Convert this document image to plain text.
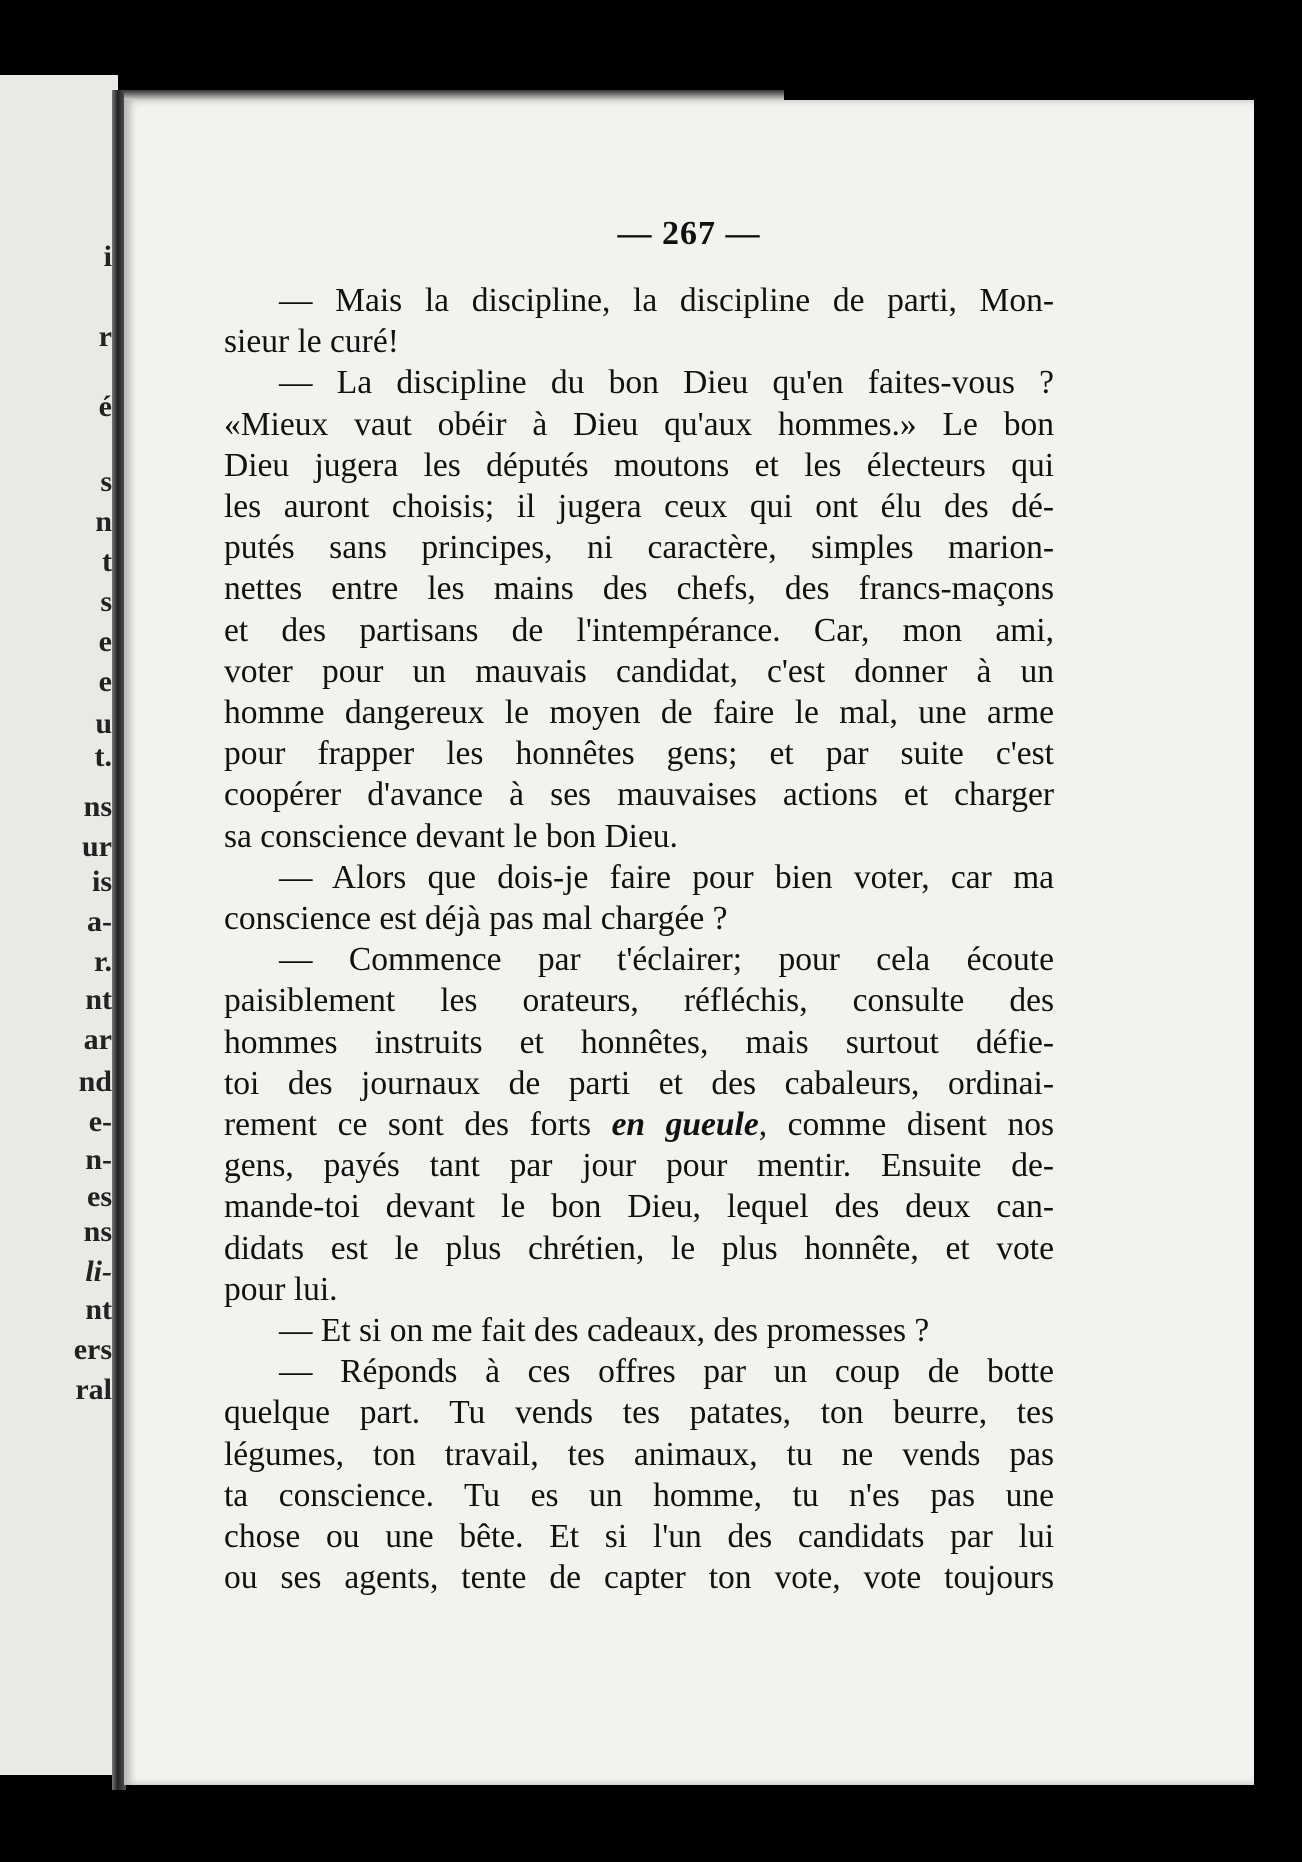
i
r
é
s
n
t
s
e
e
u
t.
ns
ur
is
a-
r.
nt
ar
nd
e-
n-
es
ns
li-
nt
ers
ral
— 267 —
— Mais la discipline, la discipline de parti, Mon-
sieur le curé!
— La discipline du bon Dieu qu'en faites-vous ?
«Mieux vaut obéir à Dieu qu'aux hommes.» Le bon
Dieu jugera les députés moutons et les électeurs qui
les auront choisis; il jugera ceux qui ont élu des dé-
putés sans principes, ni caractère, simples marion-
nettes entre les mains des chefs, des francs-maçons
et des partisans de l'intempérance. Car, mon ami,
voter pour un mauvais candidat, c'est donner à un
homme dangereux le moyen de faire le mal, une arme
pour frapper les honnêtes gens; et par suite c'est
coopérer d'avance à ses mauvaises actions et charger
sa conscience devant le bon Dieu.
— Alors que dois-je faire pour bien voter, car ma
conscience est déjà pas mal chargée ?
— Commence par t'éclairer; pour cela écoute
paisiblement les orateurs, réfléchis, consulte des
hommes instruits et honnêtes, mais surtout défie-
toi des journaux de parti et des cabaleurs, ordinai-
rement ce sont des forts en gueule, comme disent nos
gens, payés tant par jour pour mentir. Ensuite de-
mande-toi devant le bon Dieu, lequel des deux can-
didats est le plus chrétien, le plus honnête, et vote
pour lui.
— Et si on me fait des cadeaux, des promesses ?
— Réponds à ces offres par un coup de botte
quelque part. Tu vends tes patates, ton beurre, tes
légumes, ton travail, tes animaux, tu ne vends pas
ta conscience. Tu es un homme, tu n'es pas une
chose ou une bête. Et si l'un des candidats par lui
ou ses agents, tente de capter ton vote, vote toujours
